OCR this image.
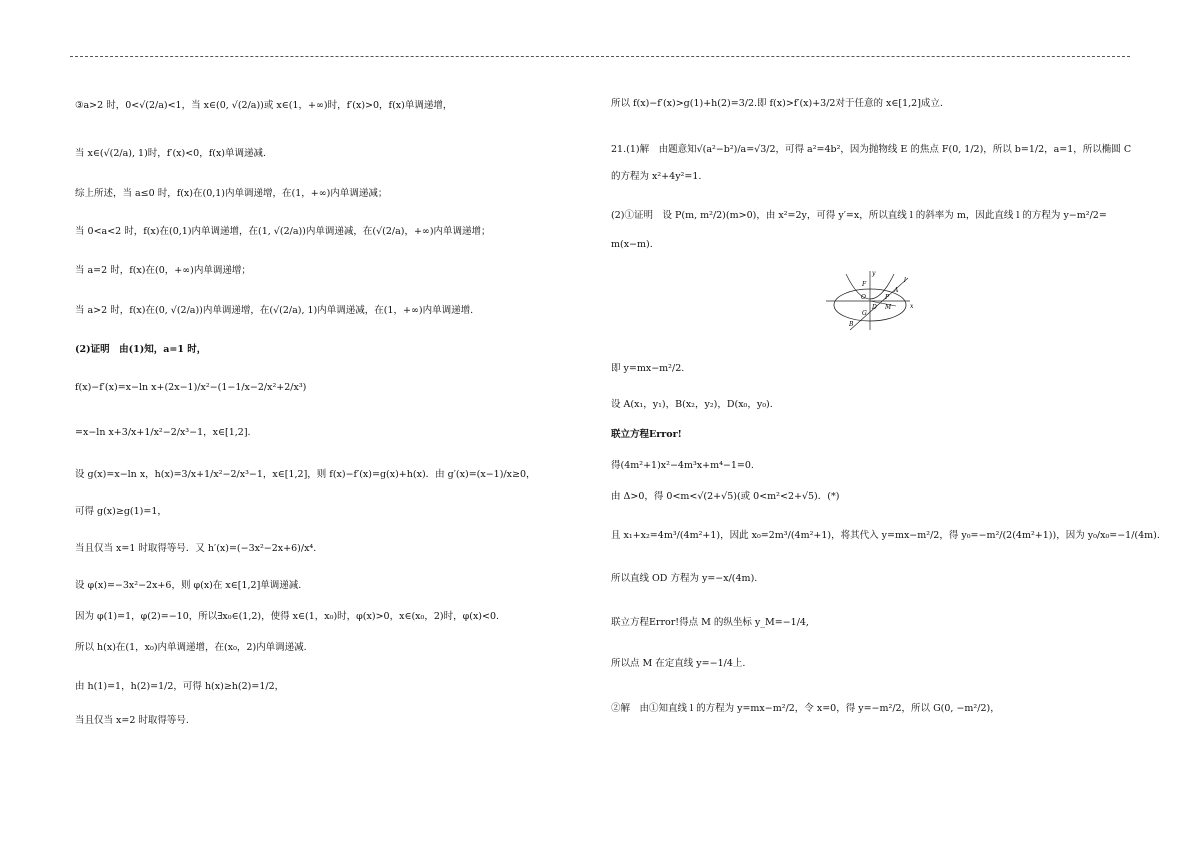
③a>2 时，0<√(2/a)<1，当 x∈(0, √(2/a))或 x∈(1，+∞)时，f′(x)>0，f(x)单调递增，
当 x∈(√(2/a), 1)时，f′(x)<0，f(x)单调递减.
综上所述，当 a≤0 时，f(x)在(0,1)内单调递增，在(1，+∞)内单调递减；
当 0<a<2 时，f(x)在(0,1)内单调递增，在(1, √(2/a))内单调递减，在(√(2/a)，+∞)内单调递增；
当 a=2 时，f(x)在(0，+∞)内单调递增；
当 a>2 时，f(x)在(0, √(2/a))内单调递增，在(√(2/a), 1)内单调递减，在(1，+∞)内单调递增.
(2)证明　由(1)知，a=1 时，
f(x)−f′(x)=x−ln x+(2x−1)/x²−(1−1/x−2/x²+2/x³)
=x−ln x+3/x+1/x²−2/x³−1，x∈[1,2].
设 g(x)=x−ln x，h(x)=3/x+1/x²−2/x³−1，x∈[1,2]，则 f(x)−f′(x)=g(x)+h(x)．由 g′(x)=(x−1)/x≥0，
可得 g(x)≥g(1)=1，
当且仅当 x=1 时取得等号．又 h′(x)=(−3x²−2x+6)/x⁴.
设 φ(x)=−3x²−2x+6，则 φ(x)在 x∈[1,2]单调递减.
因为 φ(1)=1，φ(2)=−10，所以∃x₀∈(1,2)，使得 x∈(1，x₀)时，φ(x)>0，x∈(x₀，2)时，φ(x)<0.
所以 h(x)在(1，x₀)内单调递增，在(x₀，2)内单调递减.
由 h(1)=1，h(2)=1/2，可得 h(x)≥h(2)=1/2，
当且仅当 x=2 时取得等号.
所以 f(x)−f′(x)>g(1)+h(2)=3/2.即 f(x)>f′(x)+3/2对于任意的 x∈[1,2]成立.
21.(1)解　由题意知√(a²−b²)/a=√3/2，可得 a²=4b²，因为抛物线 E 的焦点 F(0, 1/2)，所以 b=1/2，a=1，所以椭圆 C
的方程为 x²+4y²=1.
(2)①证明　设 P(m, m²/2)(m>0)，由 x²=2y，可得 y′=x，所以直线 l 的斜率为 m，因此直线 l 的方程为 y−m²/2=
m(x−m).
即 y=mx−m²/2.
设 A(x₁，y₁)，B(x₂，y₂)，D(x₀，y₀).
联立方程Error!
得(4m²+1)x²−4m³x+m⁴−1=0.
由 Δ>0，得 0<m<√(2+√5)(或 0<m²<2+√5)．(*)
且 x₁+x₂=4m³/(4m²+1)，因此 x₀=2m³/(4m²+1)，将其代入 y=mx−m²/2，得 y₀=−m²/(2(4m²+1))，因为 y₀/x₀=−1/(4m).
所以直线 OD 方程为 y=−x/(4m).
联立方程Error!得点 M 的纵坐标 y_M=−1/4,
所以点 M 在定直线 y=−1/4上.
②解　由①知直线 l 的方程为 y=mx−m²/2，令 x=0，得 y=−m²/2，所以 G(0, −m²/2)，
y
x
F
O	P
A
D M
G
B
l
